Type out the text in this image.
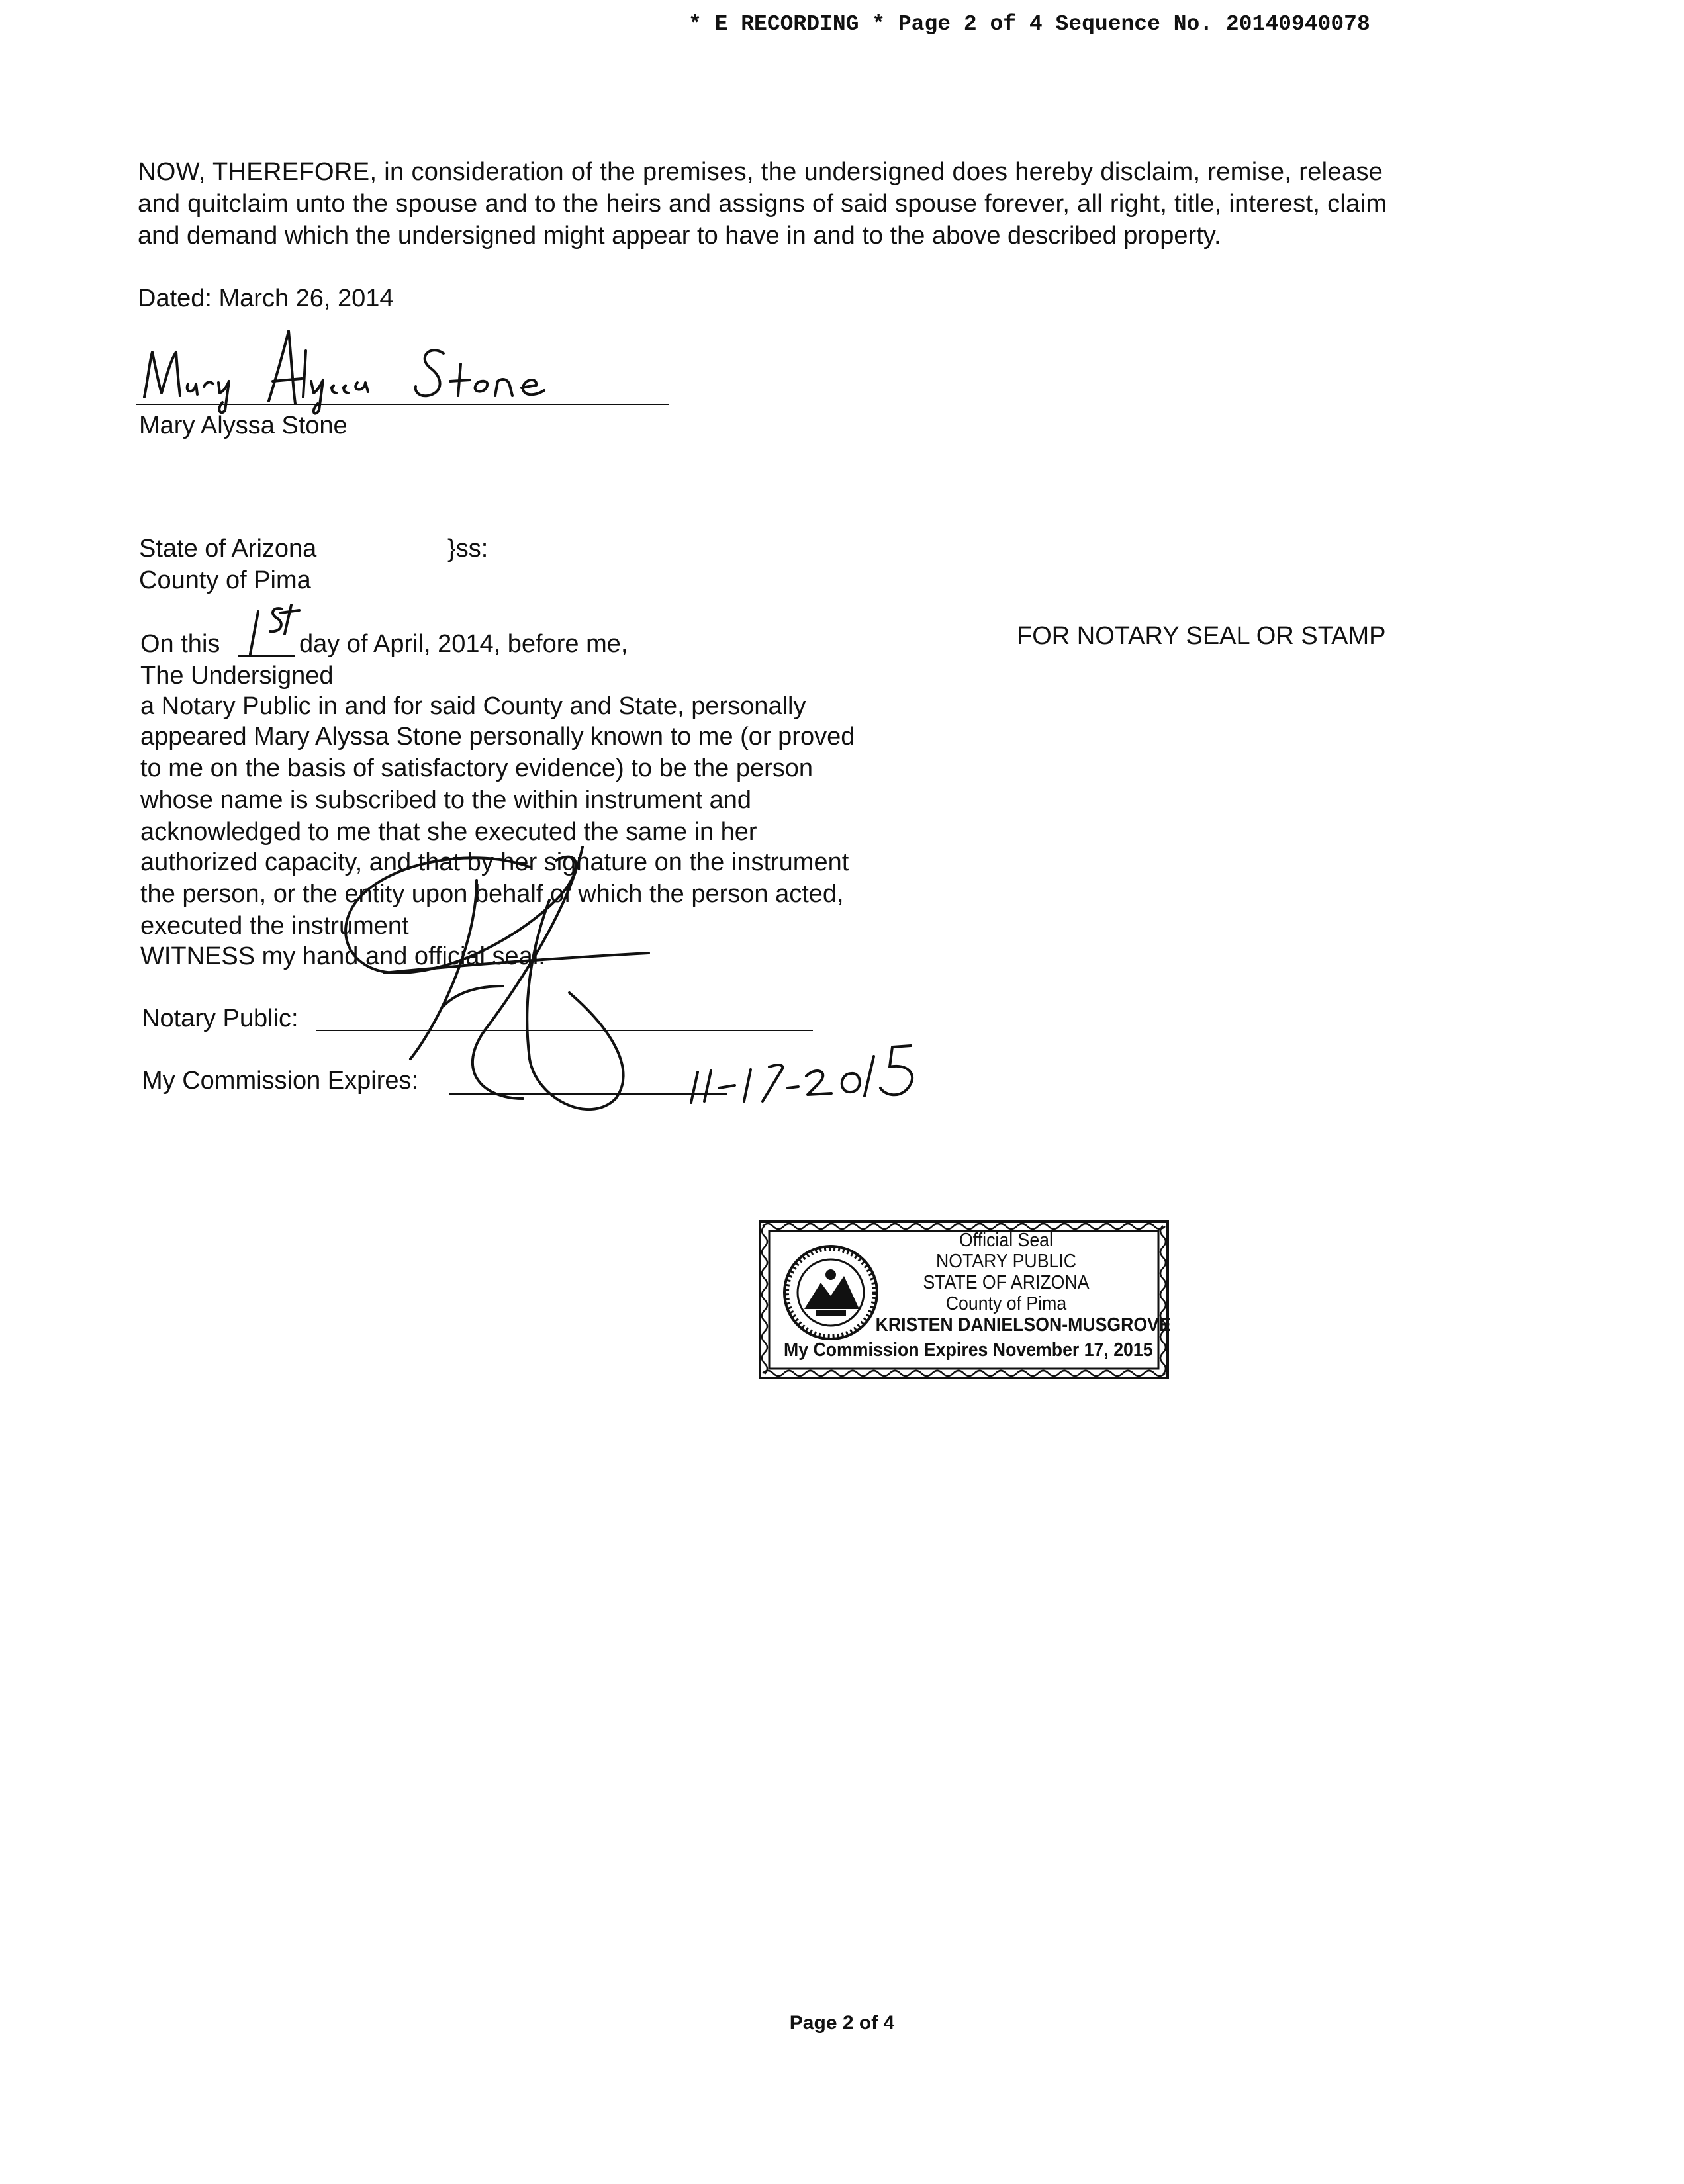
* E RECORDING * Page 2 of 4 Sequence No. 20140940078
NOW, THEREFORE, in consideration of the premises, the undersigned does hereby disclaim, remise, release
and quitclaim unto the spouse and to the heirs and assigns of said spouse forever, all right, title, interest, claim
and demand which the undersigned might appear to have in and to the above described property.
Dated: March 26, 2014
Mary Alyssa Stone
State of Arizona	}ss:
County of Pima
On this	day of April, 2014, before me,	FOR NOTARY SEAL OR STAMP
The Undersigned
a Notary Public in and for said County and State, personally
appeared Mary Alyssa Stone personally known to me (or proved
to me on the basis of satisfactory evidence) to be the person
whose name is subscribed to the within instrument and
acknowledged to me that she executed the same in her
authorized capacity, and that by her signature on the instrument
the person, or the entity upon behalf of which the person acted,
executed the instrument
WITNESS my hand and official seal.
Notary Public:
My Commission Expires:
Official Seal
NOTARY PUBLIC
STATE OF ARIZONA
County of Pima
KRISTEN DANIELSON-MUSGROVE
My Commission Expires November 17, 2015
Page 2 of 4
